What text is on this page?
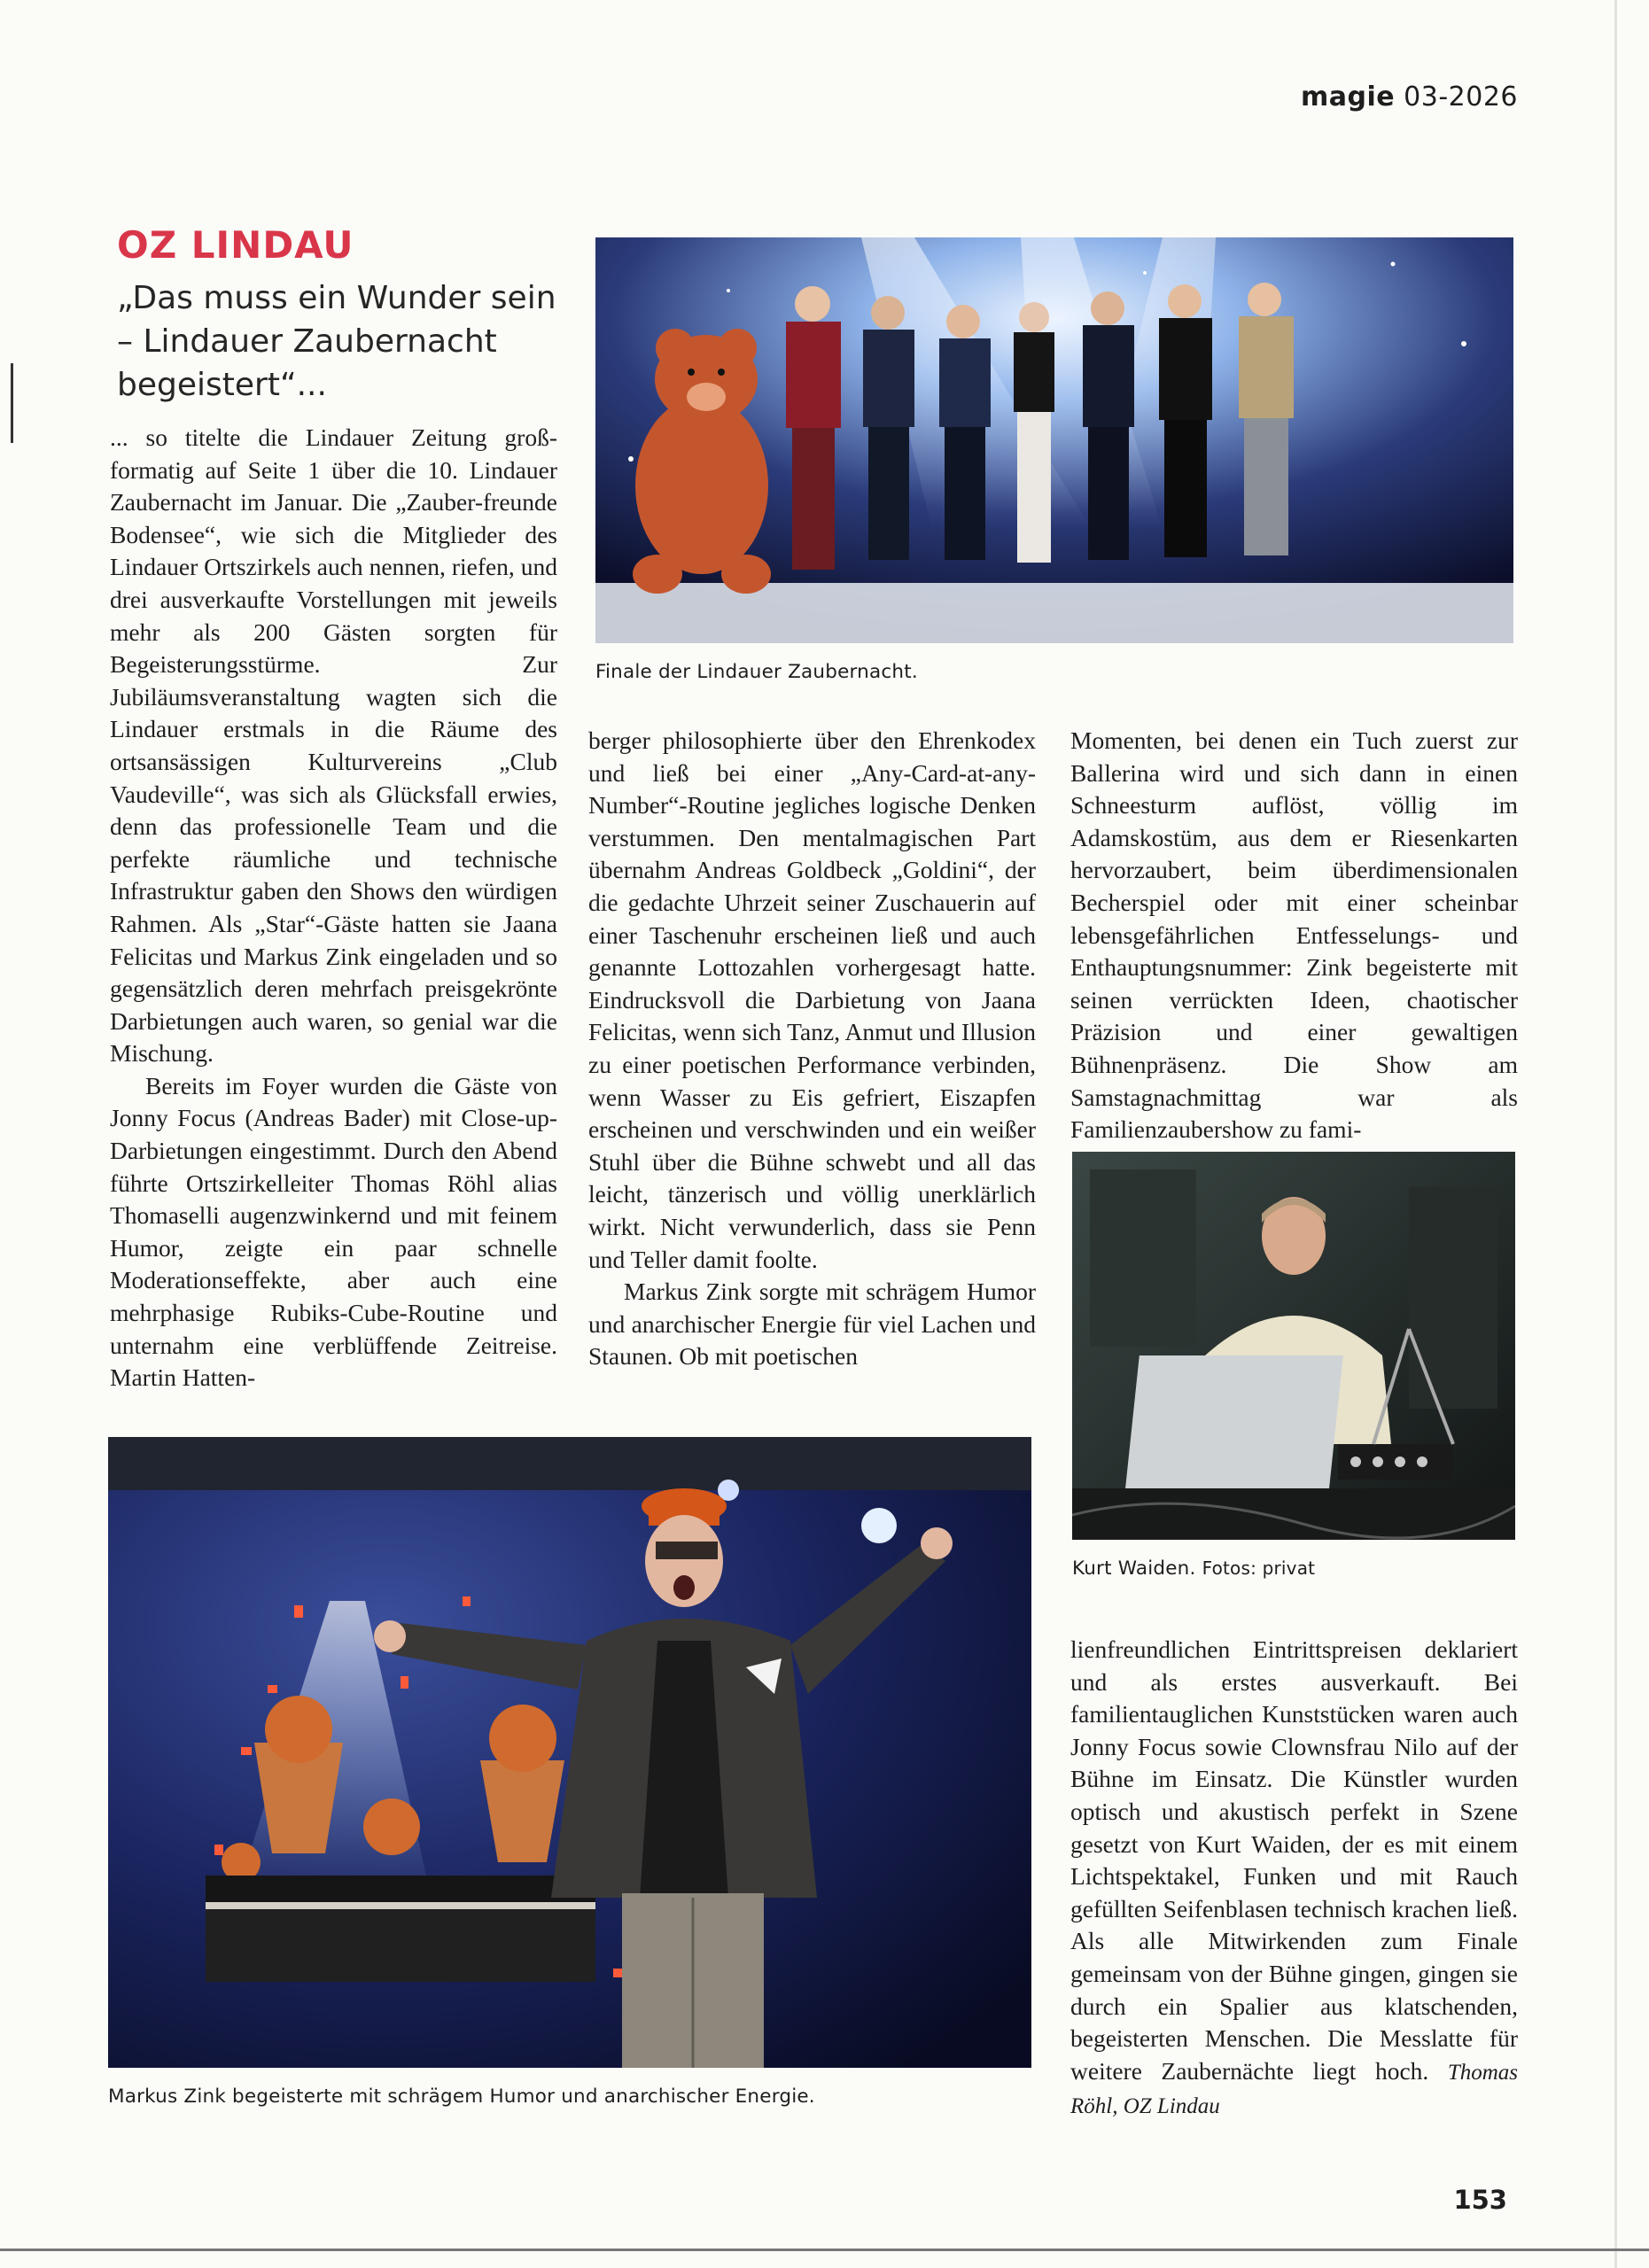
magie 03-2026
OZ LINDAU
„Das muss ein Wunder sein – Lindauer Zaubernacht begeistert“...
Finale der Lindauer Zaubernacht.

... so titelte die Lindauer Zeitung groß-formatig auf Seite 1 über die 10. Lindauer Zaubernacht im Januar. Die „Zauber-freunde Bodensee“, wie sich die Mitglieder des Lindauer Ortszirkels auch nennen, riefen, und drei ausverkaufte Vorstellungen mit jeweils mehr als 200 Gästen sorgten für Begeisterungsstürme. Zur Jubiläumsveranstaltung wagten sich die Lindauer erstmals in die Räume des ortsansässigen Kulturvereins „Club Vaudeville“, was sich als Glücksfall erwies, denn das professionelle Team und die perfekte räumliche und technische Infrastruktur gaben den Shows den würdigen Rahmen. Als „Star“-Gäste hatten sie Jaana Felicitas und Markus Zink eingeladen und so gegensätzlich deren mehrfach preisgekrönte Darbietungen auch waren, so genial war die Mischung.

Bereits im Foyer wurden die Gäste von Jonny Focus (Andreas Bader) mit Close-up-Darbietungen eingestimmt. Durch den Abend führte Ortszirkelleiter Thomas Röhl alias Thomaselli augenzwinkernd und mit feinem Humor, zeigte ein paar schnelle Moderationseffekte, aber auch eine mehrphasige Rubiks-Cube-Routine und unternahm eine verblüffende Zeitreise. Martin Hatten-

berger philosophierte über den Ehrenkodex und ließ bei einer „Any-Card-at-any-Number“-Routine jegliches logische Denken verstummen. Den mentalmagischen Part übernahm Andreas Goldbeck „Goldini“, der die gedachte Uhrzeit seiner Zuschauerin auf einer Taschenuhr erscheinen ließ und auch genannte Lottozahlen vorhergesagt hatte. Eindrucksvoll die Darbietung von Jaana Felicitas, wenn sich Tanz, Anmut und Illusion zu einer poetischen Performance verbinden, wenn Wasser zu Eis gefriert, Eiszapfen erscheinen und verschwinden und ein weißer Stuhl über die Bühne schwebt und all das leicht, tänzerisch und völlig unerklärlich wirkt. Nicht verwunderlich, dass sie Penn und Teller damit foolte.

Markus Zink sorgte mit schrägem Humor und anarchischer Energie für viel Lachen und Staunen. Ob mit poetischen

Momenten, bei denen ein Tuch zuerst zur Ballerina wird und sich dann in einen Schneesturm auflöst, völlig im Adamskostüm, aus dem er Riesenkarten hervorzaubert, beim überdimensionalen Becherspiel oder mit einer scheinbar lebensgefährlichen Entfesselungs- und Enthauptungsnummer: Zink begeisterte mit seinen verrückten Ideen, chaotischer Präzision und einer gewaltigen Bühnenpräsenz. Die Show am Samstagnachmittag war als Familienzaubershow zu fami-

Kurt Waiden. Fotos: privat
Markus Zink begeisterte mit schrägem Humor und anarchischer Energie.

lienfreundlichen Eintrittspreisen deklariert und als erstes ausverkauft. Bei familientauglichen Kunststücken waren auch Jonny Focus sowie Clownsfrau Nilo auf der Bühne im Einsatz. Die Künstler wurden optisch und akustisch perfekt in Szene gesetzt von Kurt Waiden, der es mit einem Lichtspektakel, Funken und mit Rauch gefüllten Seifenblasen technisch krachen ließ. Als alle Mitwirkenden zum Finale gemeinsam von der Bühne gingen, gingen sie durch ein Spalier aus klatschenden, begeisterten Menschen. Die Messlatte für weitere Zaubernächte liegt hoch. Thomas Röhl, OZ Lindau

153
